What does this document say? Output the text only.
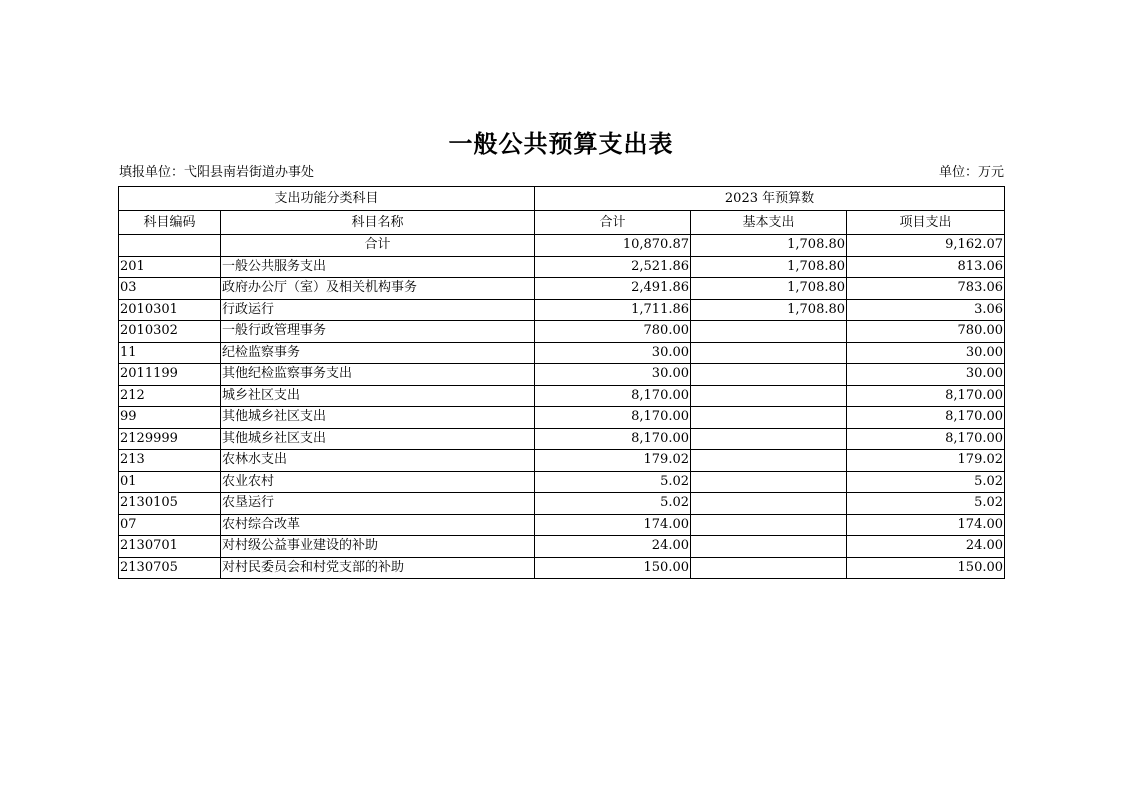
一般公共预算支出表
填报单位：弋阳县南岩街道办事处	单位：万元
支出功能分类科目		2023 年预算数		
科目编码	科目名称	合计	基本支出	项目支出
	合计	10,870.87	1,708.80	9,162.07
201	一般公共服务支出	2,521.86	1,708.80	813.06
03	政府办公厅（室）及相关机构事务	2,491.86	1,708.80	783.06
2010301	行政运行	1,711.86	1,708.80	3.06
2010302	一般行政管理事务	780.00		780.00
11	纪检监察事务	30.00		30.00
2011199	其他纪检监察事务支出	30.00		30.00
212	城乡社区支出	8,170.00		8,170.00
99	其他城乡社区支出	8,170.00		8,170.00
2129999	其他城乡社区支出	8,170.00		8,170.00
213	农林水支出	179.02		179.02
01	农业农村	5.02		5.02
2130105	农垦运行	5.02		5.02
07	农村综合改革	174.00		174.00
2130701	对村级公益事业建设的补助	24.00		24.00
2130705	对村民委员会和村党支部的补助	150.00		150.00
